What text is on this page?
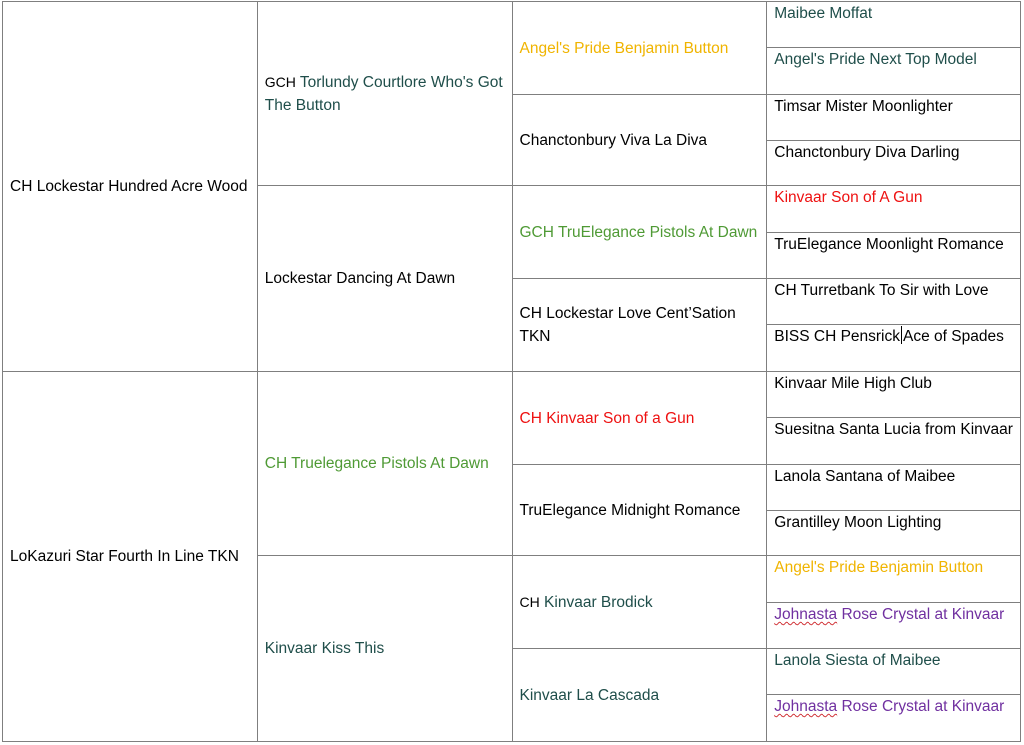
CH Lockestar Hundred Acre Wood	GCH Torlundy Courtlore Who's Got The Button	Angel's Pride Benjamin Button	Maibee Moffat
			Angel's Pride Next Top Model
		Chanctonbury Viva La Diva	Timsar Mister Moonlighter
			Chanctonbury Diva Darling
	Lockestar Dancing At Dawn	GCH TruElegance Pistols At Dawn	Kinvaar Son of A Gun
			TruElegance Moonlight Romance
		CH Lockestar Love Cent’Sation TKN	CH Turretbank To Sir with Love
			BISS CH Pensrick Ace of Spades
LoKazuri Star Fourth In Line TKN	CH Truelegance Pistols At Dawn	CH Kinvaar Son of a Gun	Kinvaar Mile High Club
			Suesitna Santa Lucia from Kinvaar
		TruElegance Midnight Romance	Lanola Santana of Maibee
			Grantilley Moon Lighting
	Kinvaar Kiss This	CH Kinvaar Brodick	Angel's Pride Benjamin Button
			Johnasta Rose Crystal at Kinvaar
		Kinvaar La Cascada	Lanola Siesta of Maibee
			Johnasta Rose Crystal at Kinvaar
